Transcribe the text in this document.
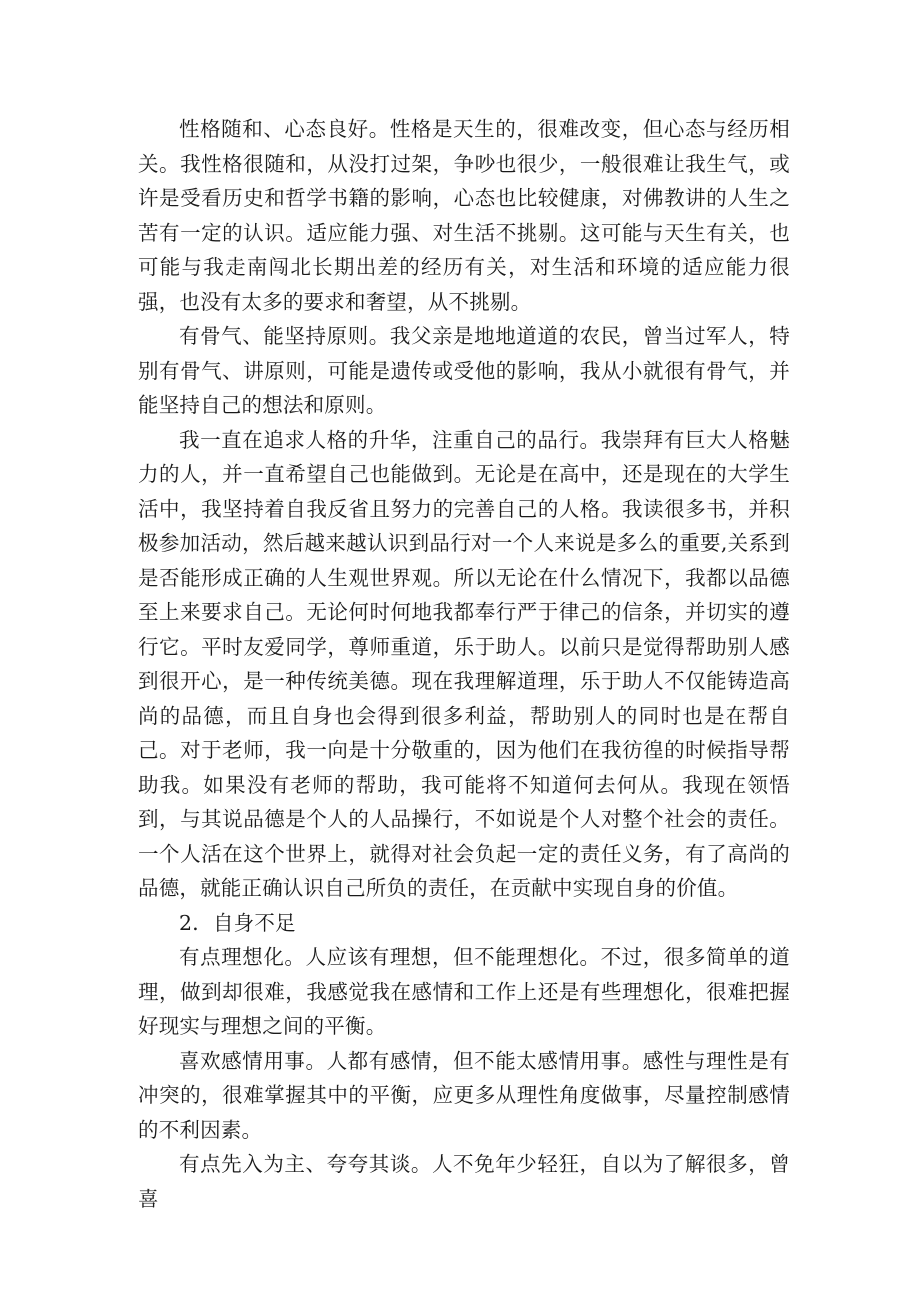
性格随和、心态良好。性格是天生的，很难改变，但心态与经历相关。我性格很随和，从没打过架，争吵也很少，一般很难让我生气，或许是受看历史和哲学书籍的影响，心态也比较健康，对佛教讲的人生之苦有一定的认识。适应能力强、对生活不挑剔。这可能与天生有关，也可能与我走南闯北长期出差的经历有关，对生活和环境的适应能力很强，也没有太多的要求和奢望，从不挑剔。

有骨气、能坚持原则。我父亲是地地道道的农民，曾当过军人，特别有骨气、讲原则，可能是遗传或受他的影响，我从小就很有骨气，并能坚持自己的想法和原则。

我一直在追求人格的升华，注重自己的品行。我崇拜有巨大人格魅力的人，并一直希望自己也能做到。无论是在高中，还是现在的大学生活中，我坚持着自我反省且努力的完善自己的人格。我读很多书，并积极参加活动，然后越来越认识到品行对一个人来说是多么的重要,关系到是否能形成正确的人生观世界观。所以无论在什么情况下，我都以品德至上来要求自己。无论何时何地我都奉行严于律己的信条，并切实的遵行它。平时友爱同学，尊师重道，乐于助人。以前只是觉得帮助别人感到很开心，是一种传统美德。现在我理解道理，乐于助人不仅能铸造高尚的品德，而且自身也会得到很多利益，帮助别人的同时也是在帮自己。对于老师，我一向是十分敬重的，因为他们在我彷徨的时候指导帮助我。如果没有老师的帮助，我可能将不知道何去何从。我现在领悟到，与其说品德是个人的人品操行，不如说是个人对整个社会的责任。一个人活在这个世界上，就得对社会负起一定的责任义务，有了高尚的品德，就能正确认识自己所负的责任，在贡献中实现自身的价值。

2．自身不足

有点理想化。人应该有理想，但不能理想化。不过，很多简单的道理，做到却很难，我感觉我在感情和工作上还是有些理想化，很难把握好现实与理想之间的平衡。

喜欢感情用事。人都有感情，但不能太感情用事。感性与理性是有冲突的，很难掌握其中的平衡，应更多从理性角度做事，尽量控制感情的不利因素。

有点先入为主、夸夸其谈。人不免年少轻狂，自以为了解很多，曾喜
